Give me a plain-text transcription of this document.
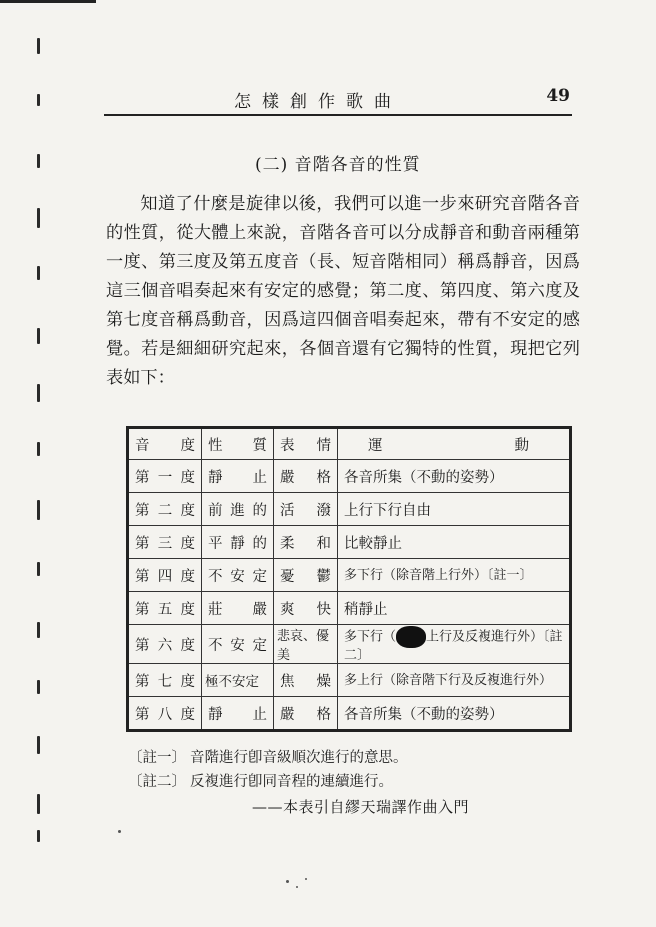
怎樣創作歌曲	49
(二) 音階各音的性質

知道了什麼是旋律以後，我們可以進一步來研究音階各音的性質，從大體上來說，音階各音可以分成靜音和動音兩種第一度、第三度及第五度音（長、短音階相同）稱爲靜音，因爲這三個音唱奏起來有安定的感覺；第二度、第四度、第六度及第七度音稱爲動音，因爲這四個音唱奏起來，帶有不安定的感覺。若是細細研究起來，各個音還有它獨特的性質，現把它列表如下：

音　度	性　質	表　情	運　　動
第一度	靜　止	嚴　格	各音所集（不動的姿勢）
第二度	前進的	活　潑	上行下行自由
第三度	平靜的	柔　和	比較靜止
第四度	不安定	憂　鬱	多下行（除音階上行外）〔註一〕
第五度	莊　嚴	爽　快	稍靜止
第六度	不安定	悲哀、優美	多下行（ 上行及反複進行外）〔註二〕
第七度	極不安定	焦　燥	多上行（除音階下行及反複進行外）
第八度	靜　止	嚴　格	各音所集（不動的姿勢）
〔註一〕 音階進行卽音級順次進行的意思。
〔註二〕 反複進行卽同音程的連續進行。
——本表引自繆天瑞譯作曲入門
